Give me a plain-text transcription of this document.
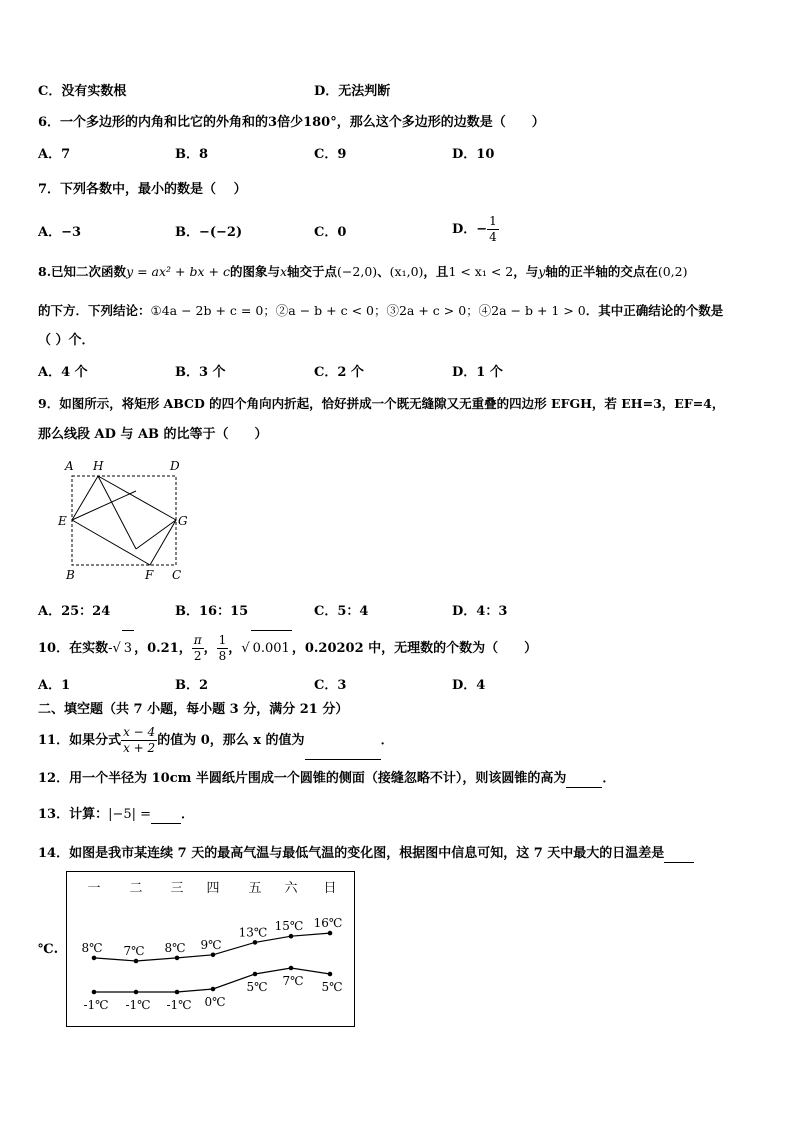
C．没有实数根	D．无法判断
6．一个多边形的内角和比它的外角和的3倍少180°，那么这个多边形的边数是（　　）
A．7	B．8	C．9	D．10
7．下列各数中，最小的数是（　 ）
A．−3	B．−(−2)	C．0	D．− $\frac{1}{4}$
8.已知二次函数y = ax² + bx + c的图象与x轴交于点(−2,0)、(x₁,0)，且1 < x₁ < 2，与y轴的正半轴的交点在(0,2)
的下方．下列结论：①4a − 2b + c = 0；②a − b + c < 0；③2a + c > 0；④2a − b + 1 > 0．其中正确结论的个数是
（ ）个．
A．4 个	B．3 个	C．2 个	D．1 个
9．如图所示，将矩形 ABCD 的四个角向内折起，恰好拼成一个既无缝隙又无重叠的四边形 EFGH，若 EH=3，EF=4，
那么线段 AD 与 AB 的比等于（　　）
A H	D
E	G
B	F C
A．25：24	B．16：15	C．5：4	D．4：3
10．在实数-√ 3 ，0.21， $\frac{\pi}{2}$ ， $\frac{1}{8}$ ，√ 0.001 ，0.20202 中，无理数的个数为（　　）
A．1	B．2	C．3	D．4
二、填空题（共 7 小题，每小题 3 分，满分 21 分）
11．如果分式 $\frac{x - 4}{x + 2}$ 的值为 0，那么 x 的值为	．
12．用一个半径为 10cm 半圆纸片围成一个圆锥的侧面（接缝忽略不计），则该圆锥的高为	．
13．计算：|−5| = ．
14．如图是我市某连续 7 天的最高气温与最低气温的变化图，根据图中信息可知，这 7 天中最大的日温差是
℃.
一 二 三 四 五 六 日
8℃ 7℃ 8℃ 9℃
13℃ 15℃ 16℃
-1℃ -1℃ -1℃ 0℃
5℃ 7℃ 5℃
